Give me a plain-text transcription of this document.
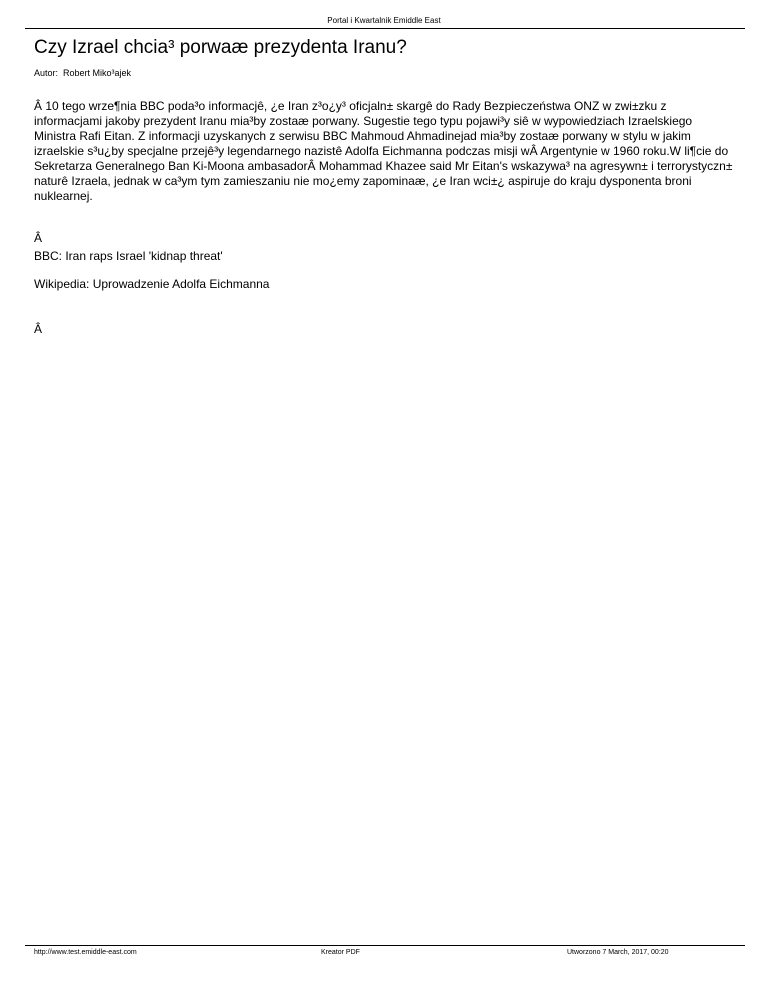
Portal i Kwartalnik Emiddle East
Czy Izrael chcia³ porwaæ prezydenta Iranu?
Autor: Robert Miko³ajek

Â 10 tego wrze¶nia BBC poda³o informacjê, ¿e Iran z³o¿y³ oficjaln± skargê do Rady Bezpieczeństwa ONZ w zwi±zku z informacjami jakoby prezydent Iranu mia³by zostaæ porwany. Sugestie tego typu pojawi³y siê w wypowiedziach Izraelskiego Ministra Rafi Eitan. Z informacji uzyskanych z serwisu BBC Mahmoud Ahmadinejad mia³by zostaæ porwany w stylu w jakim izraelskie s³u¿by specjalne przejê³y legendarnego nazistê Adolfa Eichmanna podczas misji wÂ Argentynie w 1960 roku.W li¶cie do Sekretarza Generalnego Ban Ki-Moona ambasadorÂ Mohammad Khazee said Mr Eitan's wskazywa³ na agresywn± i terrorystyczn± naturê Izraela, jednak w ca³ym tym zamieszaniu nie mo¿emy zapominaæ, ¿e Iran wci±¿ aspiruje do kraju dysponenta broni nuklearnej.

Â

BBC: Iran raps Israel 'kidnap threat'

Wikipedia: Uprowadzenie Adolfa Eichmanna

Â

http://www.test.emiddle-east.com	Kreator PDF	Utworzono 7 March, 2017, 00:20
